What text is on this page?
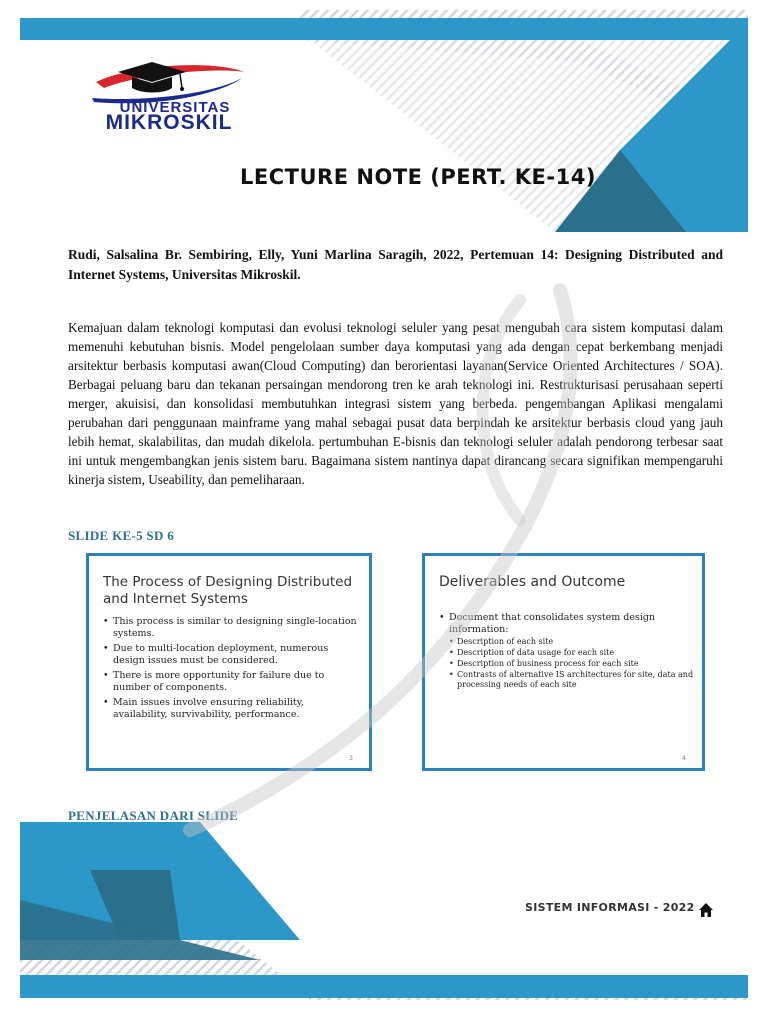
UNIVERSITAS
MIKROSKIL
LECTURE NOTE (PERT. KE-14)
Rudi, Salsalina Br. Sembiring, Elly, Yuni Marlina Saragih, 2022, Pertemuan 14: Designing Distributed and Internet Systems, Universitas Mikroskil.
Kemajuan dalam teknologi komputasi dan evolusi teknologi seluler yang pesat mengubah cara sistem komputasi dalam memenuhi kebutuhan bisnis. Model pengelolaan sumber daya komputasi yang ada dengan cepat berkembang menjadi arsitektur berbasis komputasi awan(Cloud Computing) dan berorientasi layanan(Service Oriented Architectures / SOA). Berbagai peluang baru dan tekanan persaingan mendorong tren ke arah teknologi ini. Restrukturisasi perusahaan seperti merger, akuisisi, dan konsolidasi membutuhkan integrasi sistem yang berbeda. pengembangan Aplikasi mengalami perubahan dari penggunaan mainframe yang mahal sebagai pusat data berpindah ke arsitektur berbasis cloud yang jauh lebih hemat, skalabilitas, dan mudah dikelola. pertumbuhan E-bisnis dan teknologi seluler adalah pendorong terbesar saat ini untuk mengembangkan jenis sistem baru. Bagaimana sistem nantinya dapat dirancang secara signifikan mempengaruhi kinerja sistem, Useability, dan pemeliharaan.
SLIDE KE-5 SD 6
The Process of Designing Distributed and Internet Systems
• This process is similar to designing single-location systems.
• Due to multi-location deployment, numerous design issues must be considered.
• There is more opportunity for failure due to number of components.
• Main issues involve ensuring reliability, availability, survivability, performance.
3
Deliverables and Outcome
• Document that consolidates system design information:
• Description of each site
• Description of data usage for each site
• Description of business process for each site
• Contrasts of alternative IS architectures for site, data and processing needs of each site
4
PENJELASAN DARI SLIDE
SISTEM INFORMASI - 2022
